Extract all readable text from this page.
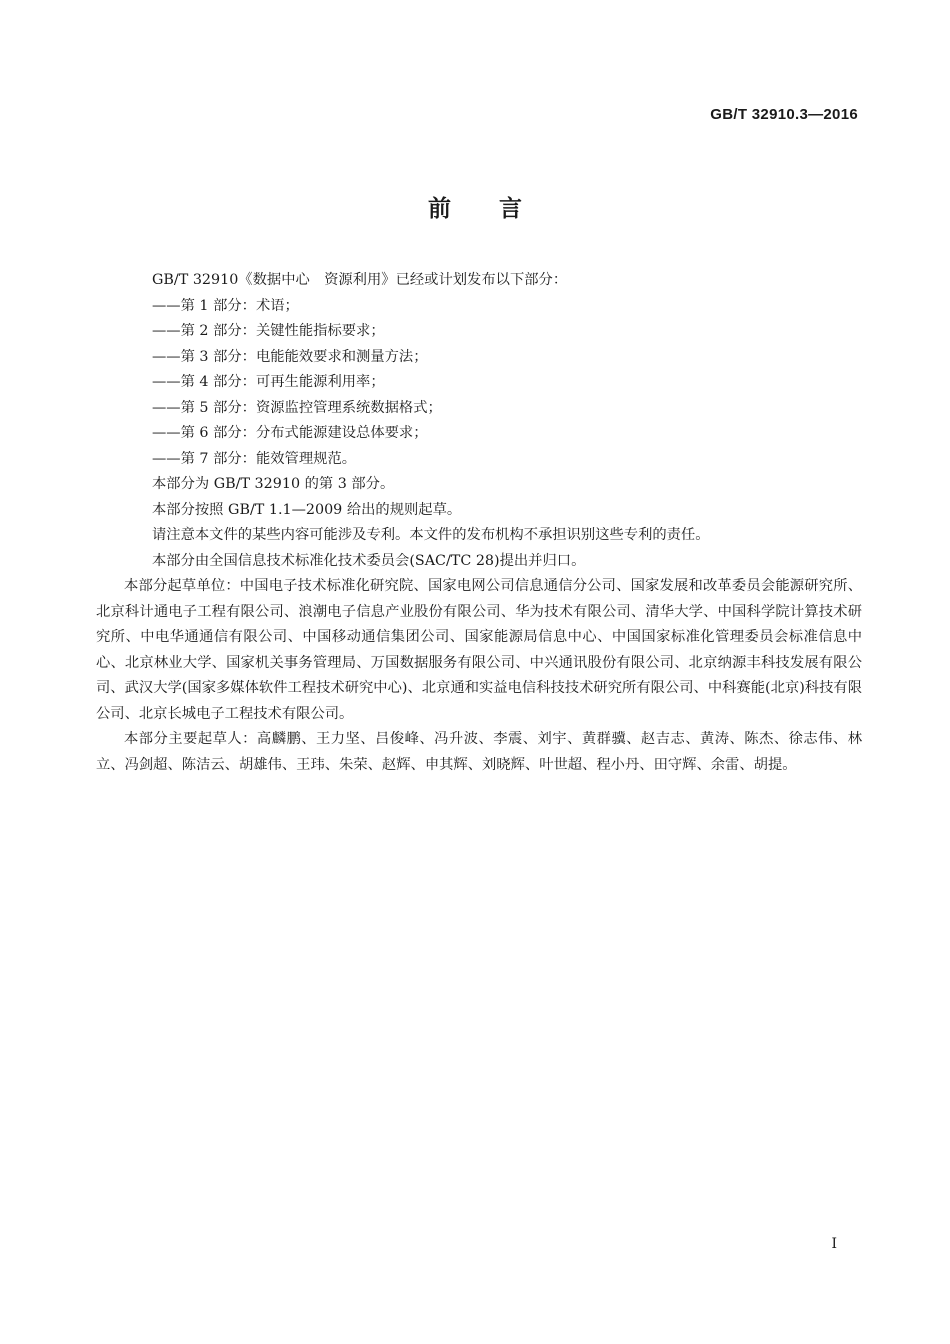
GB/T 32910.3—2016
前言

GB/T 32910《数据中心　资源利用》已经或计划发布以下部分：

——第 1 部分：术语；

——第 2 部分：关键性能指标要求；

——第 3 部分：电能能效要求和测量方法；

——第 4 部分：可再生能源利用率；

——第 5 部分：资源监控管理系统数据格式；

——第 6 部分：分布式能源建设总体要求；

——第 7 部分：能效管理规范。

本部分为 GB/T 32910 的第 3 部分。

本部分按照 GB/T 1.1—2009 给出的规则起草。

请注意本文件的某些内容可能涉及专利。本文件的发布机构不承担识别这些专利的责任。

本部分由全国信息技术标准化技术委员会(SAC/TC 28)提出并归口。

本部分起草单位：中国电子技术标准化研究院、国家电网公司信息通信分公司、国家发展和改革委员会能源研究所、北京科计通电子工程有限公司、浪潮电子信息产业股份有限公司、华为技术有限公司、清华大学、中国科学院计算技术研究所、中电华通通信有限公司、中国移动通信集团公司、国家能源局信息中心、中国国家标准化管理委员会标准信息中心、北京林业大学、国家机关事务管理局、万国数据服务有限公司、中兴通讯股份有限公司、北京纳源丰科技发展有限公司、武汉大学(国家多媒体软件工程技术研究中心)、北京通和实益电信科技技术研究所有限公司、中科赛能(北京)科技有限公司、北京长城电子工程技术有限公司。

本部分主要起草人：高麟鹏、王力坚、吕俊峰、冯升波、李震、刘宇、黄群骥、赵吉志、黄涛、陈杰、徐志伟、林立、冯剑超、陈洁云、胡雄伟、王玮、朱荣、赵辉、申其辉、刘晓辉、叶世超、程小丹、田守辉、余雷、胡提。

I
